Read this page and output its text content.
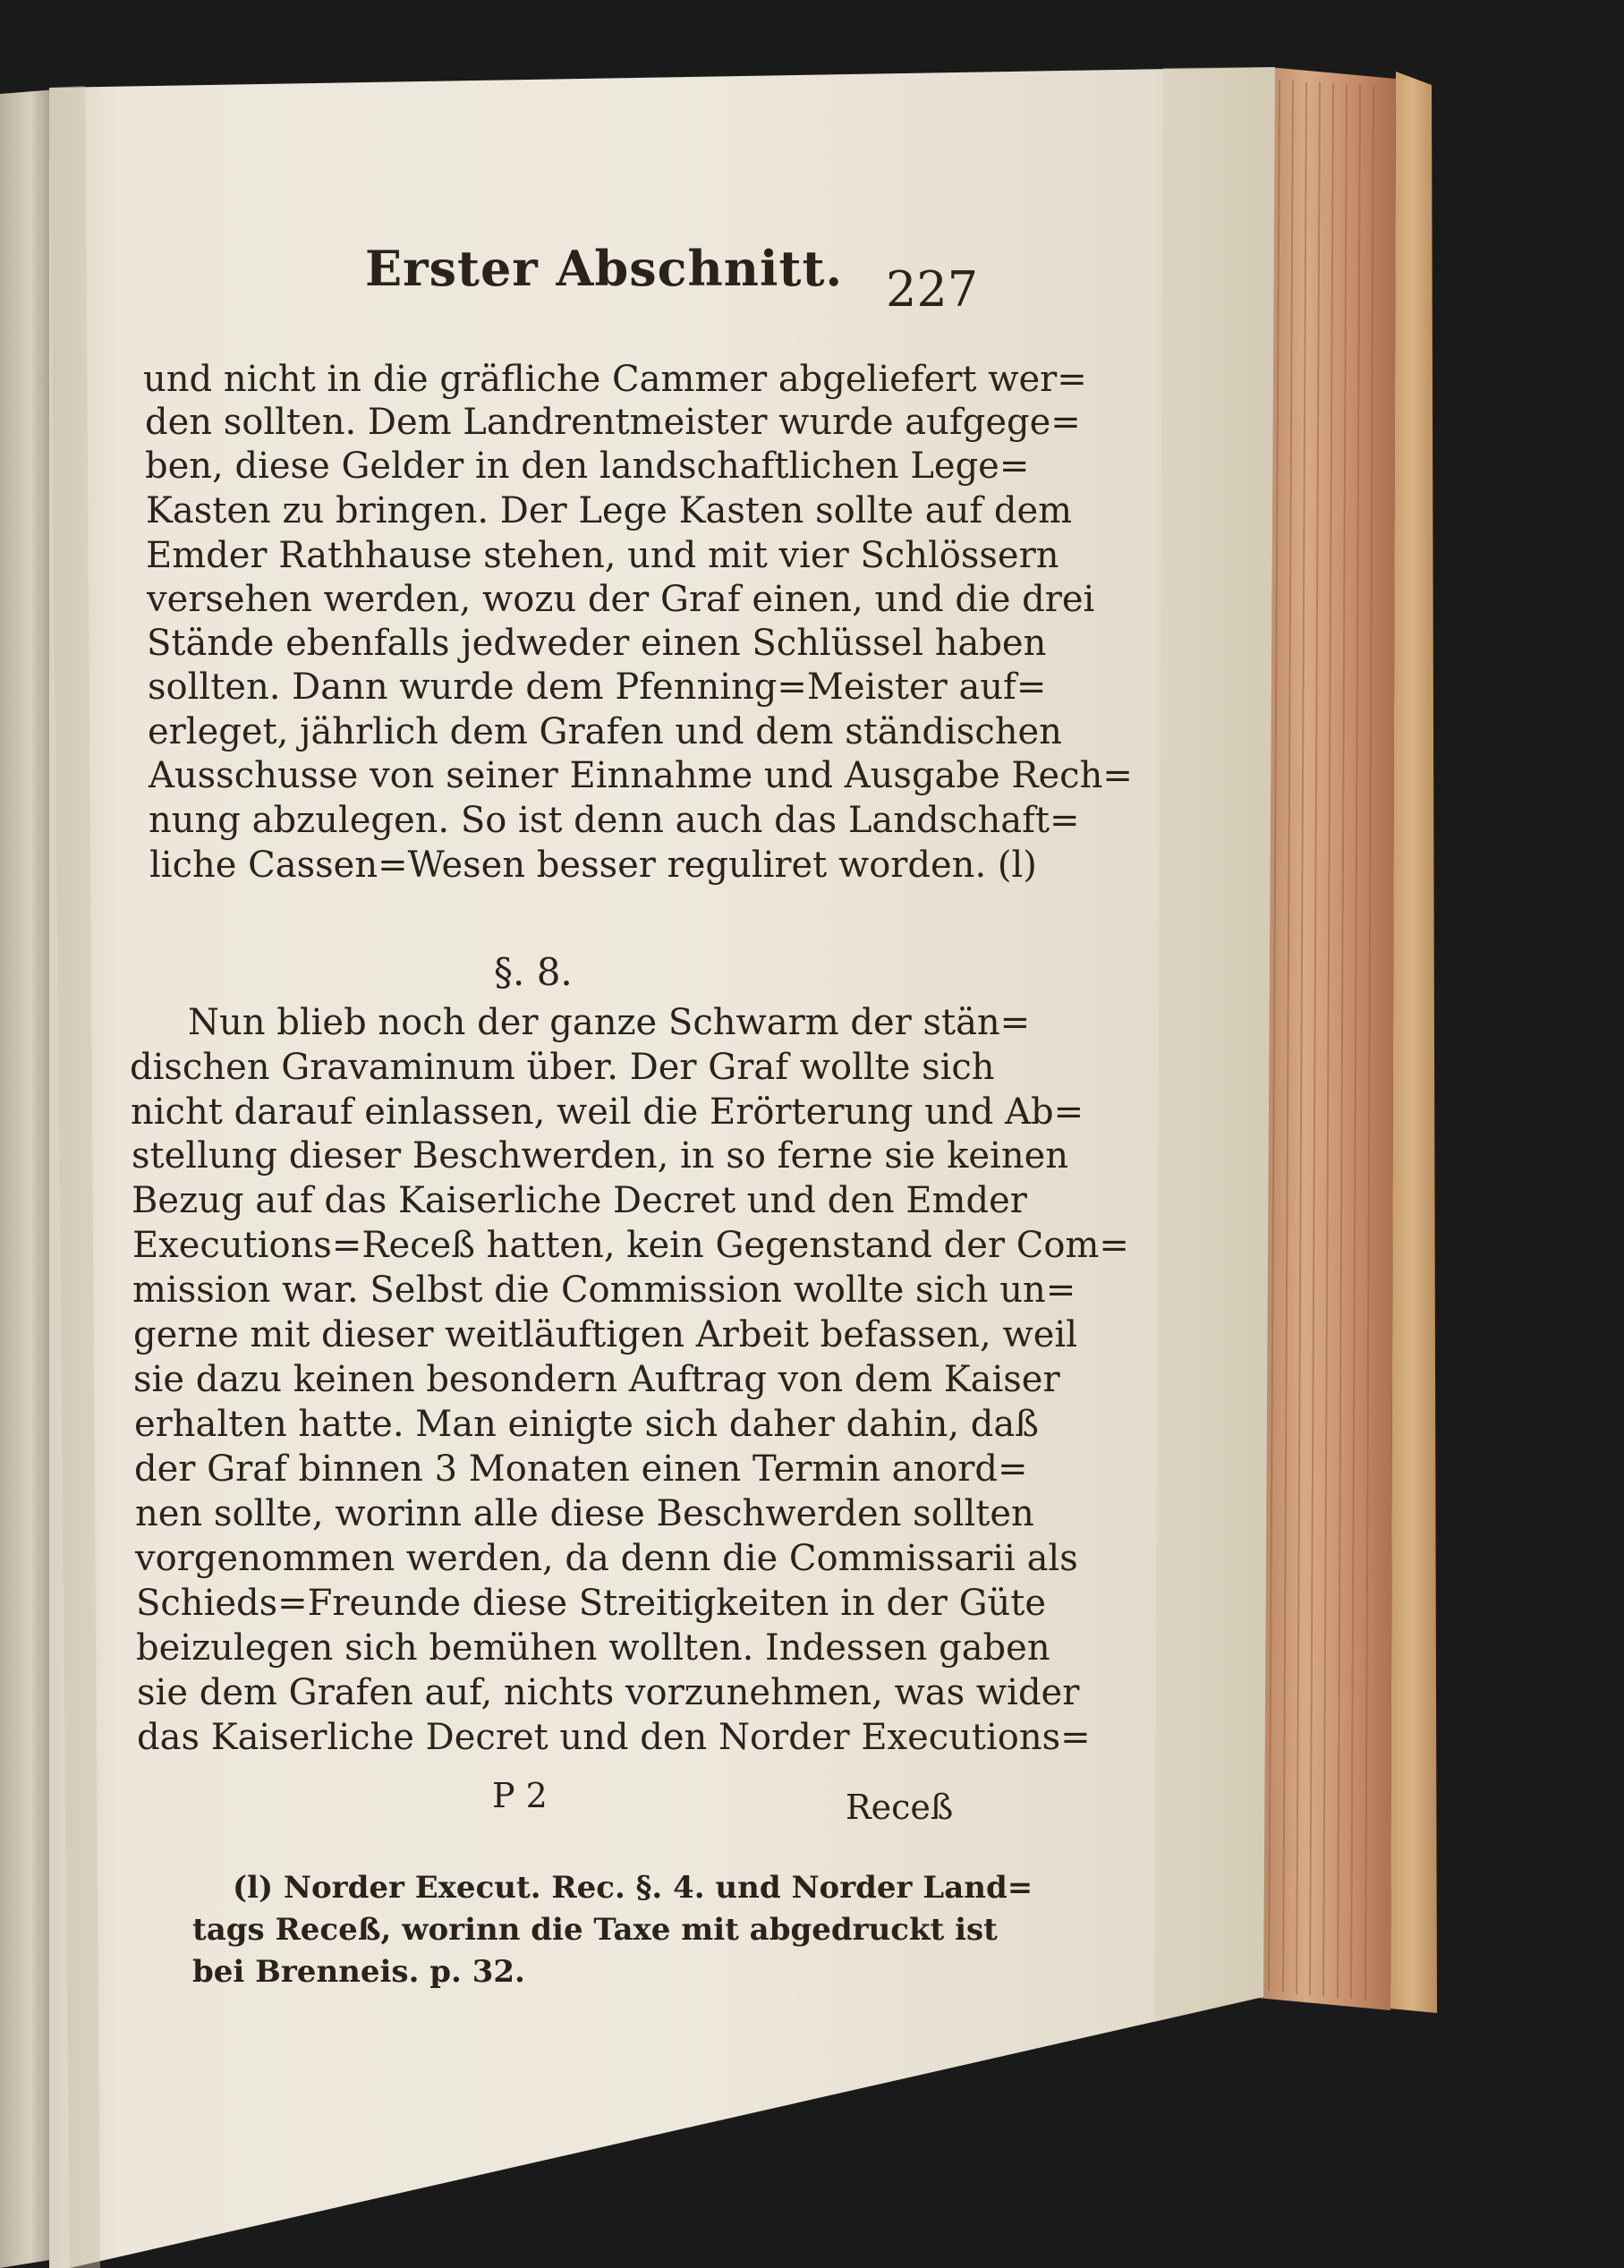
Erster Abschnitt. 227
und nicht in die gräfliche Cammer abgeliefert wer=
den sollten. Dem Landrentmeister wurde aufgege=
ben, diese Gelder in den landschaftlichen Lege=
Kasten zu bringen. Der Lege Kasten sollte auf dem
Emder Rathhause stehen, und mit vier Schlössern
versehen werden, wozu der Graf einen, und die drei
Stände ebenfalls jedweder einen Schlüssel haben
sollten. Dann wurde dem Pfenning=Meister auf=
erleget, jährlich dem Grafen und dem ständischen
Ausschusse von seiner Einnahme und Ausgabe Rech=
nung abzulegen. So ist denn auch das Landschaft=
liche Cassen=Wesen besser reguliret worden. (l)
§. 8.
Nun blieb noch der ganze Schwarm der stän=
dischen Gravaminum über. Der Graf wollte sich
nicht darauf einlassen, weil die Erörterung und Ab=
stellung dieser Beschwerden, in so ferne sie keinen
Bezug auf das Kaiserliche Decret und den Emder
Executions=Receß hatten, kein Gegenstand der Com=
mission war. Selbst die Commission wollte sich un=
gerne mit dieser weitläuftigen Arbeit befassen, weil
sie dazu keinen besondern Auftrag von dem Kaiser
erhalten hatte. Man einigte sich daher dahin, daß
der Graf binnen 3 Monaten einen Termin anord=
nen sollte, worinn alle diese Beschwerden sollten
vorgenommen werden, da denn die Commissarii als
Schieds=Freunde diese Streitigkeiten in der Güte
beizulegen sich bemühen wollten. Indessen gaben
sie dem Grafen auf, nichts vorzunehmen, was wider
das Kaiserliche Decret und den Norder Executions=
P 2	Receß
(l) Norder Execut. Rec. §. 4. und Norder Land=
tags Receß, worinn die Taxe mit abgedruckt ist
bei Brenneis. p. 32.
